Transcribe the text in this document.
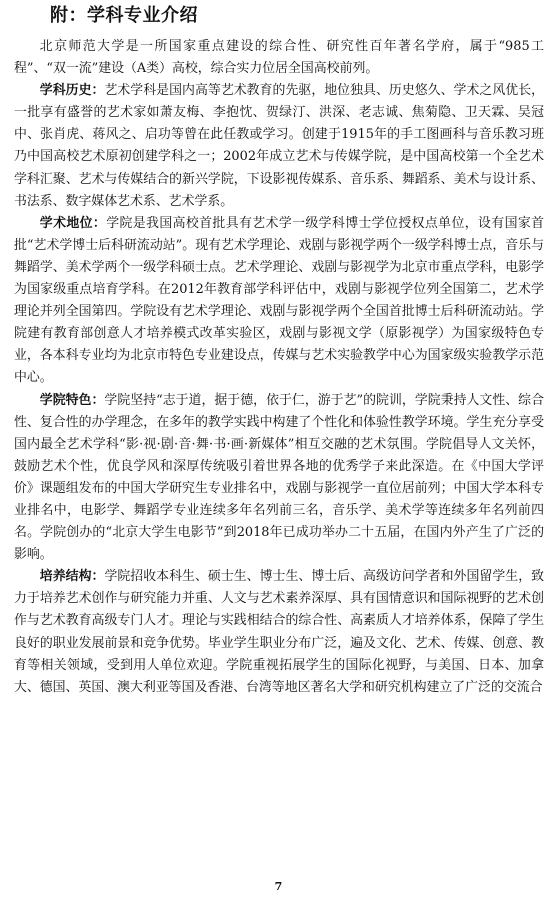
附：学科专业介绍

北京师范大学是一所国家重点建设的综合性、研究性百年著名学府，属于“985工程”、“双一流”建设（A类）高校，综合实力位居全国高校前列。

学科历史：艺术学科是国内高等艺术教育的先驱，地位独具、历史悠久、学术之风优长，一批享有盛誉的艺术家如萧友梅、李抱忱、贺绿汀、洪深、老志诚、焦菊隐、卫天霖、吴冠中、张肖虎、蒋风之、启功等曾在此任教或学习。创建于1915年的手工图画科与音乐教习班乃中国高校艺术原初创建学科之一；2002年成立艺术与传媒学院，是中国高校第一个全艺术学科汇聚、艺术与传媒结合的新兴学院，下设影视传媒系、音乐系、舞蹈系、美术与设计系、书法系、数字媒体艺术系、艺术学系。

学术地位：学院是我国高校首批具有艺术学一级学科博士学位授权点单位，设有国家首批“艺术学博士后科研流动站”。现有艺术学理论、戏剧与影视学两个一级学科博士点，音乐与舞蹈学、美术学两个一级学科硕士点。艺术学理论、戏剧与影视学为北京市重点学科，电影学为国家级重点培育学科。在2012年教育部学科评估中，戏剧与影视学位列全国第二，艺术学理论并列全国第四。学院设有艺术学理论、戏剧与影视学两个全国首批博士后科研流动站。学院建有教育部创意人才培养模式改革实验区，戏剧与影视文学（原影视学）为国家级特色专业，各本科专业均为北京市特色专业建设点，传媒与艺术实验教学中心为国家级实验教学示范中心。

学院特色：学院坚持“志于道，据于德，依于仁，游于艺”的院训，学院秉持人文性、综合性、复合性的办学理念，在多年的教学实践中构建了个性化和体验性教学环境。学生充分享受国内最全艺术学科“影·视·剧·音·舞·书·画·新媒体”相互交融的艺术氛围。学院倡导人文关怀，鼓励艺术个性，优良学风和深厚传统吸引着世界各地的优秀学子来此深造。在《中国大学评价》课题组发布的中国大学研究生专业排名中，戏剧与影视学一直位居前列；中国大学本科专业排名中，电影学、舞蹈学专业连续多年名列前三名，音乐学、美术学等连续多年名列前四名。学院创办的“北京大学生电影节”到2018年已成功举办二十五届，在国内外产生了广泛的影响。

培养结构：学院招收本科生、硕士生、博士生、博士后、高级访问学者和外国留学生，致力于培养艺术创作与研究能力并重、人文与艺术素养深厚、具有国情意识和国际视野的艺术创作与艺术教育高级专门人才。理论与实践相结合的综合性、高素质人才培养体系，保障了学生良好的职业发展前景和竞争优势。毕业学生职业分布广泛，遍及文化、艺术、传媒、创意、教育等相关领域，受到用人单位欢迎。学院重视拓展学生的国际化视野，与美国、日本、加拿大、德国、英国、澳大利亚等国及香港、台湾等地区著名大学和研究机构建立了广泛的交流合

7
